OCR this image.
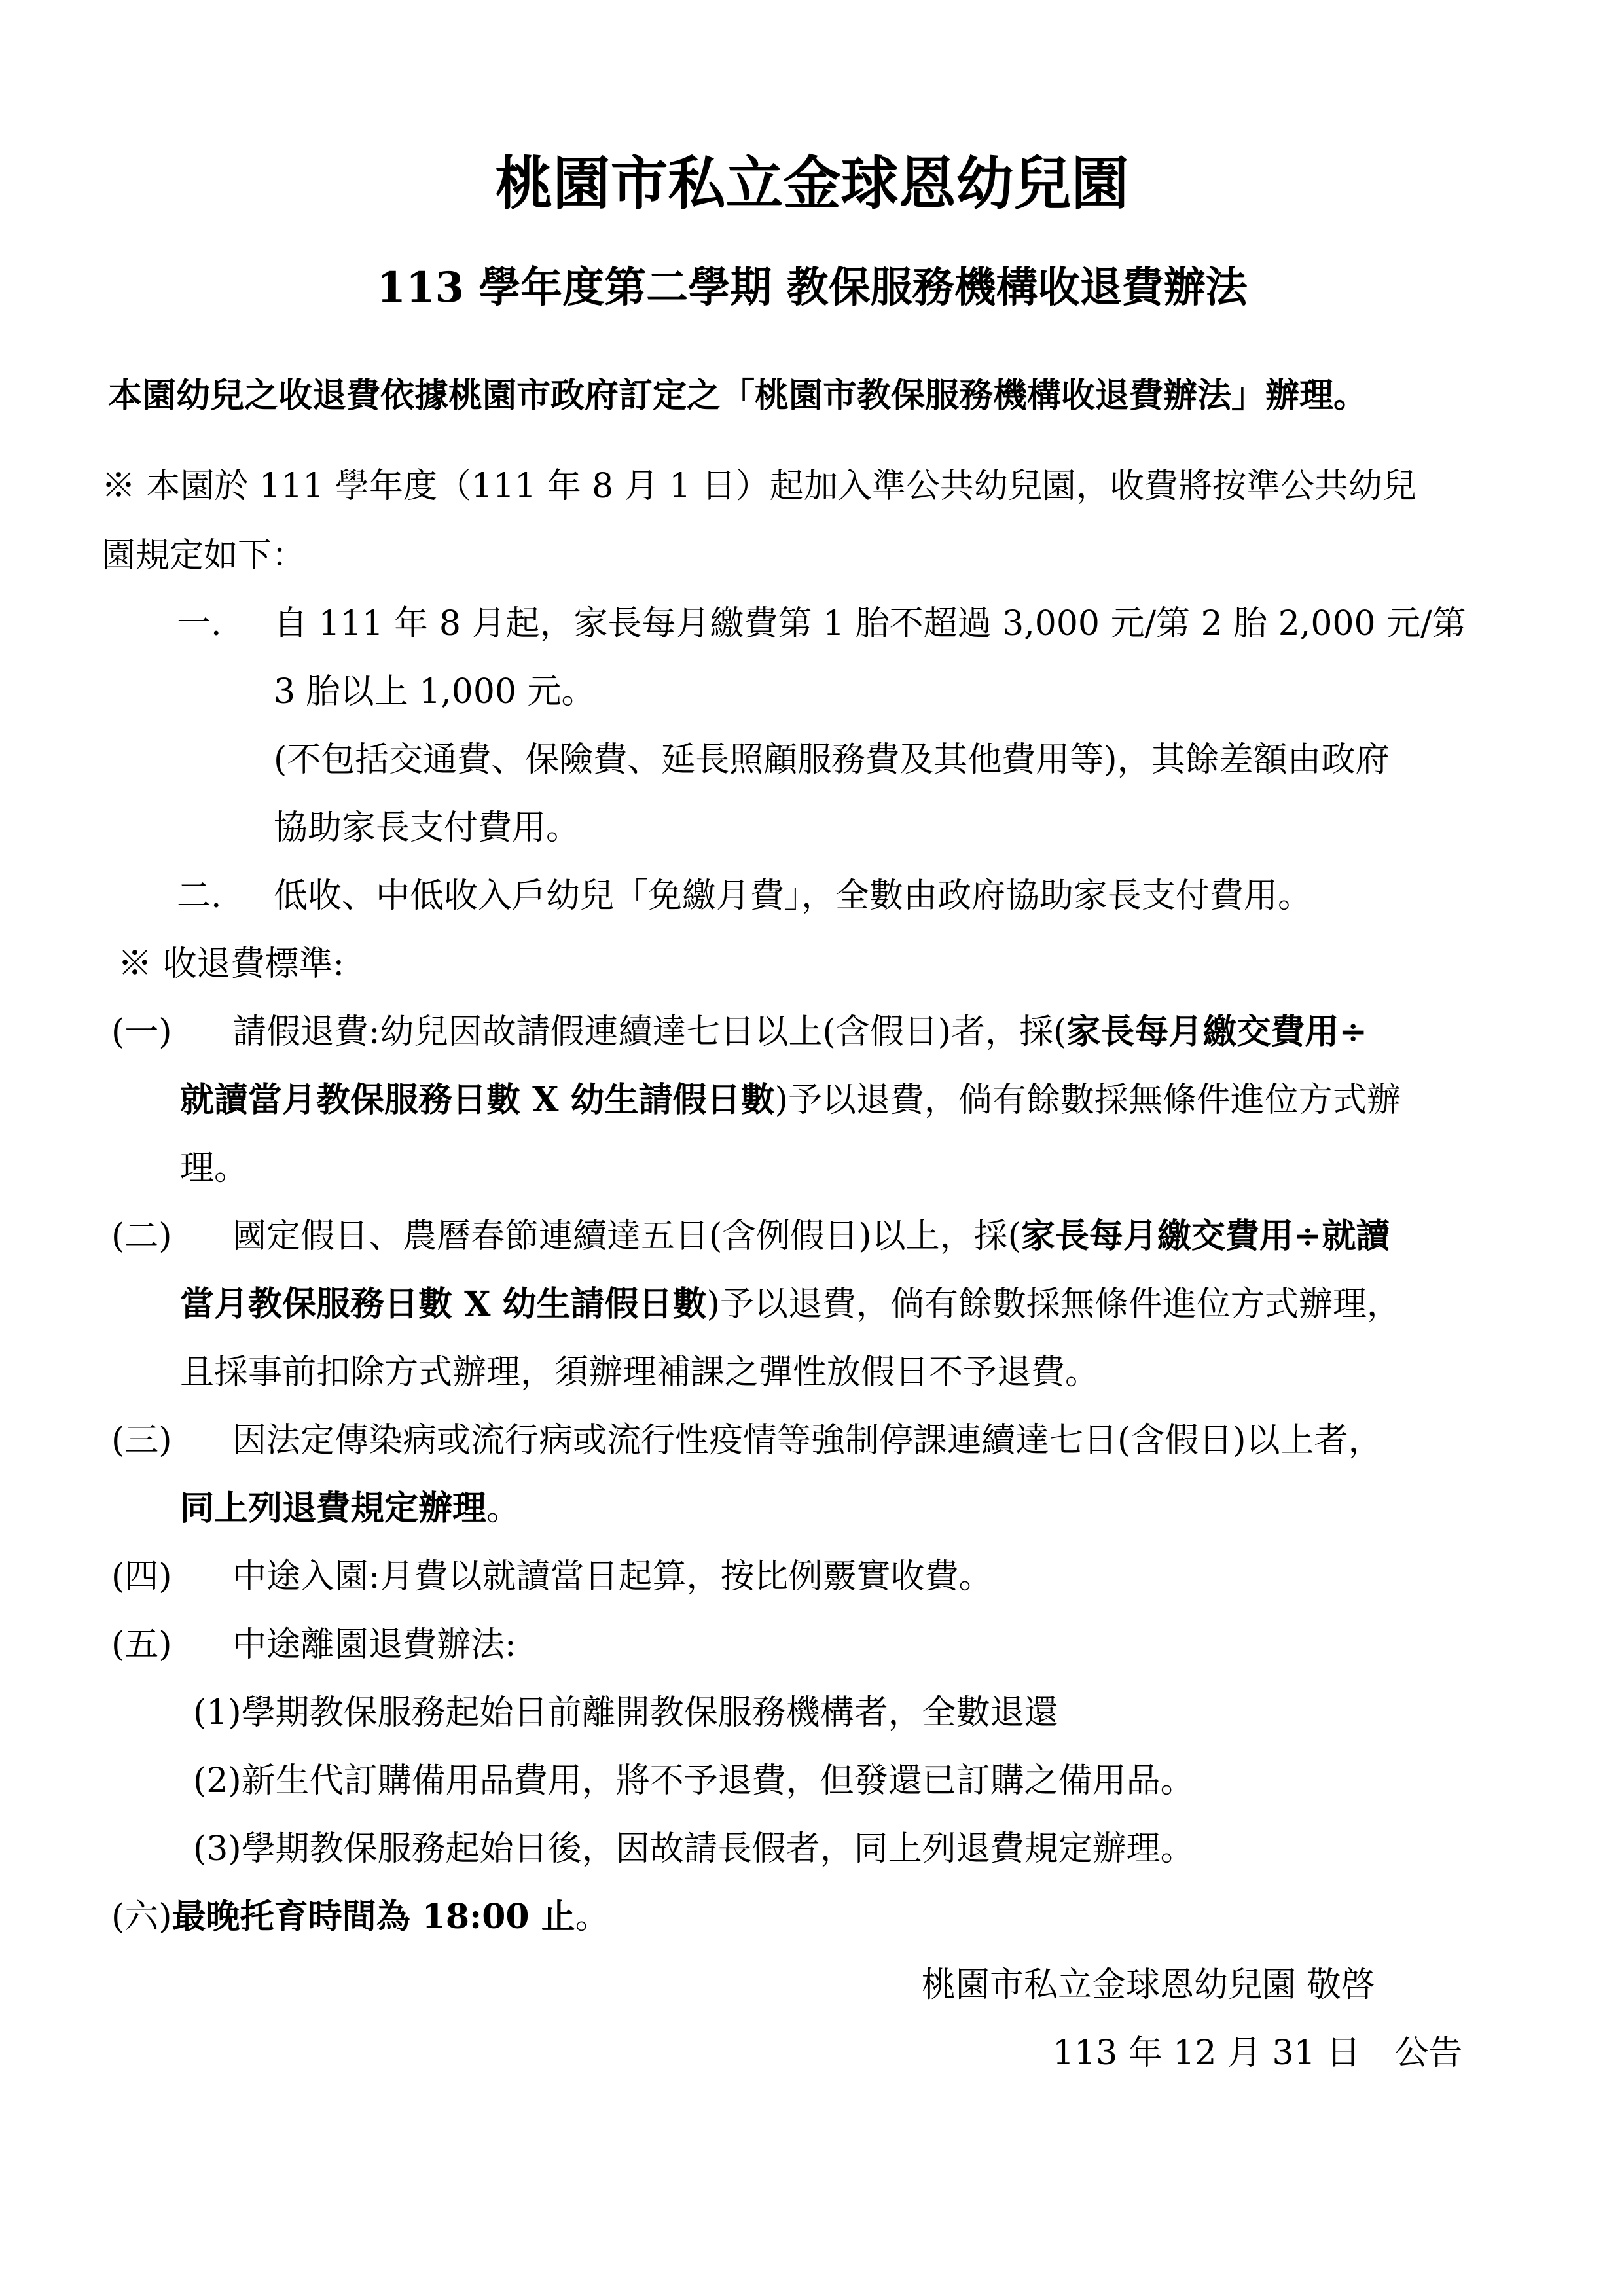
桃園市私立金球恩幼兒園
113 學年度第二學期 教保服務機構收退費辦法
本園幼兒之收退費依據桃園市政府訂定之「桃園市教保服務機構收退費辦法」辦理。
※ 本園於 111 學年度（111 年 8 月 1 日）起加入準公共幼兒園，收費將按準公共幼兒
園規定如下：
一. 自 111 年 8 月起，家長每月繳費第 1 胎不超過 3,000 元/第 2 胎 2,000 元/第
3 胎以上 1,000 元。
(不包括交通費、保險費、延長照顧服務費及其他費用等)，其餘差額由政府
協助家長支付費用。
二. 低收、中低收入戶幼兒「免繳月費」，全數由政府協助家長支付費用。
※ 收退費標準:
(一) 請假退費:幼兒因故請假連續達七日以上(含假日)者，採(家長每月繳交費用÷
就讀當月教保服務日數 X 幼生請假日數)予以退費，倘有餘數採無條件進位方式辦
理。
(二) 國定假日、農曆春節連續達五日(含例假日)以上，採(家長每月繳交費用÷就讀
當月教保服務日數 X 幼生請假日數)予以退費，倘有餘數採無條件進位方式辦理，
且採事前扣除方式辦理，須辦理補課之彈性放假日不予退費。
(三) 因法定傳染病或流行病或流行性疫情等強制停課連續達七日(含假日)以上者，
同上列退費規定辦理。
(四) 中途入園:月費以就讀當日起算，按比例覈實收費。
(五) 中途離園退費辦法:
(1)學期教保服務起始日前離開教保服務機構者，全數退還
(2)新生代訂購備用品費用，將不予退費，但發還已訂購之備用品。
(3)學期教保服務起始日後，因故請長假者，同上列退費規定辦理。
(六)最晚托育時間為 18:00 止。
桃園市私立金球恩幼兒園 敬啓
113 年 12 月 31 日　公告
